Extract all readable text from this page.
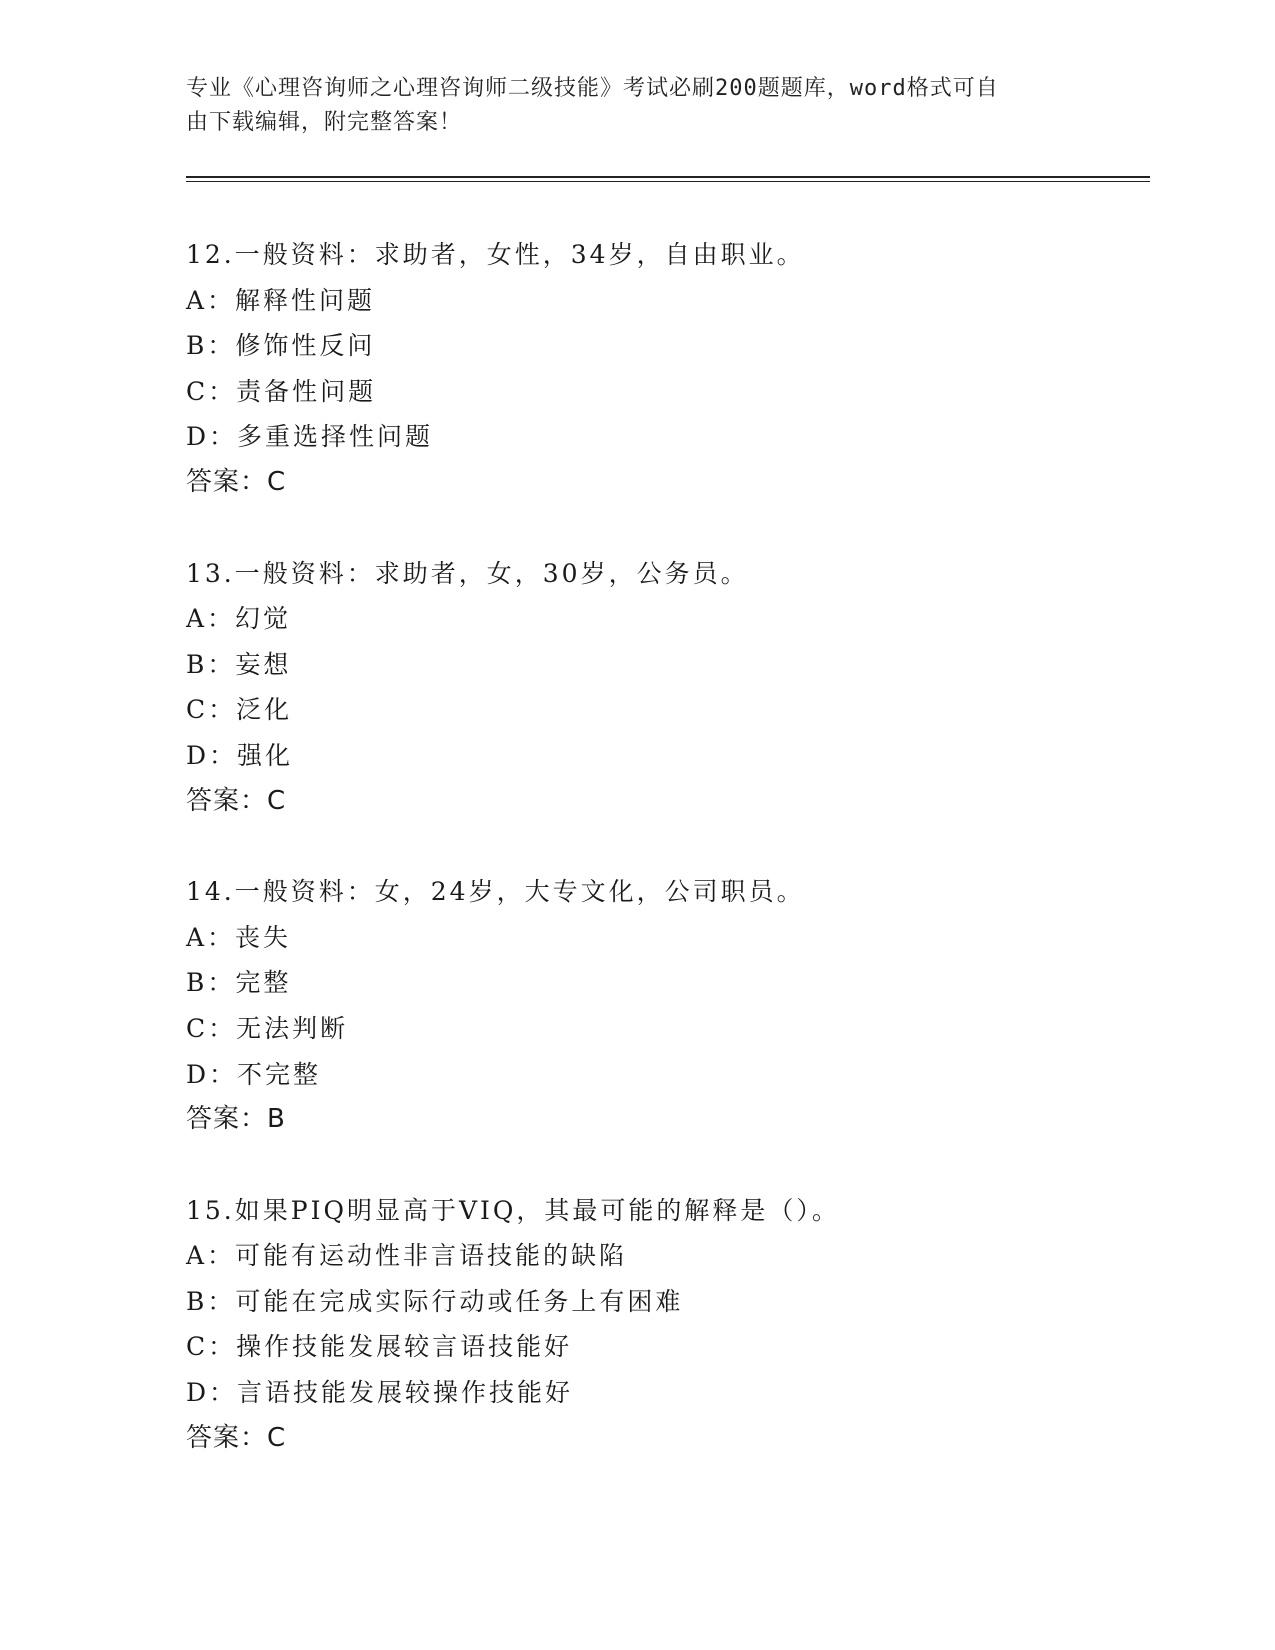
专业《心理咨询师之心理咨询师二级技能》考试必刷200题题库，word格式可自
由下载编辑，附完整答案！
12.一般资料：求助者，女性，34岁，自由职业。
A：解释性问题
B：修饰性反问
C：责备性问题
D：多重选择性问题
答案：C
13.一般资料：求助者，女，30岁，公务员。
A：幻觉
B：妄想
C：泛化
D：强化
答案：C
14.一般资料：女，24岁，大专文化，公司职员。
A：丧失
B：完整
C：无法判断
D：不完整
答案：B
15.如果PIQ明显高于VIQ，其最可能的解释是（）。
A：可能有运动性非言语技能的缺陷
B：可能在完成实际行动或任务上有困难
C：操作技能发展较言语技能好
D：言语技能发展较操作技能好
答案：C
